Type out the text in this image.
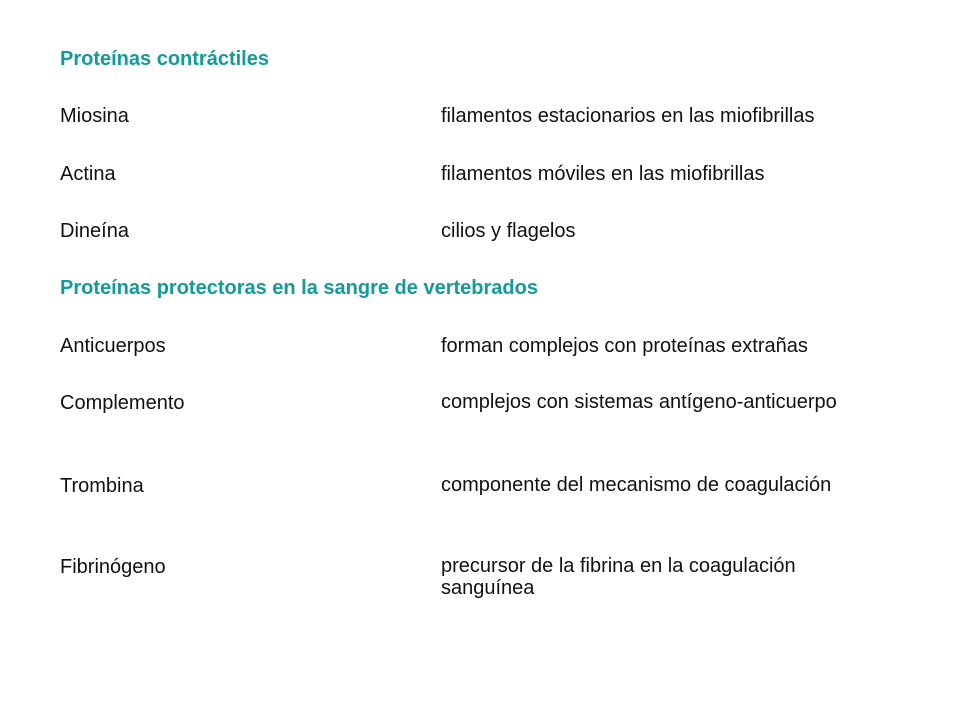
Proteínas contráctiles
Miosina	filamentos estacionarios en las miofibrillas
Actina	filamentos móviles en las miofibrillas
Dineína	cilios y flagelos
Proteínas protectoras en la sangre de vertebrados
Anticuerpos	forman complejos con proteínas extrañas
Complemento	complejos con sistemas antígeno-anticuerpo
Trombina	componente del mecanismo de coagulación
Fibrinógeno	precursor de la fibrina en la coagulación sanguínea
